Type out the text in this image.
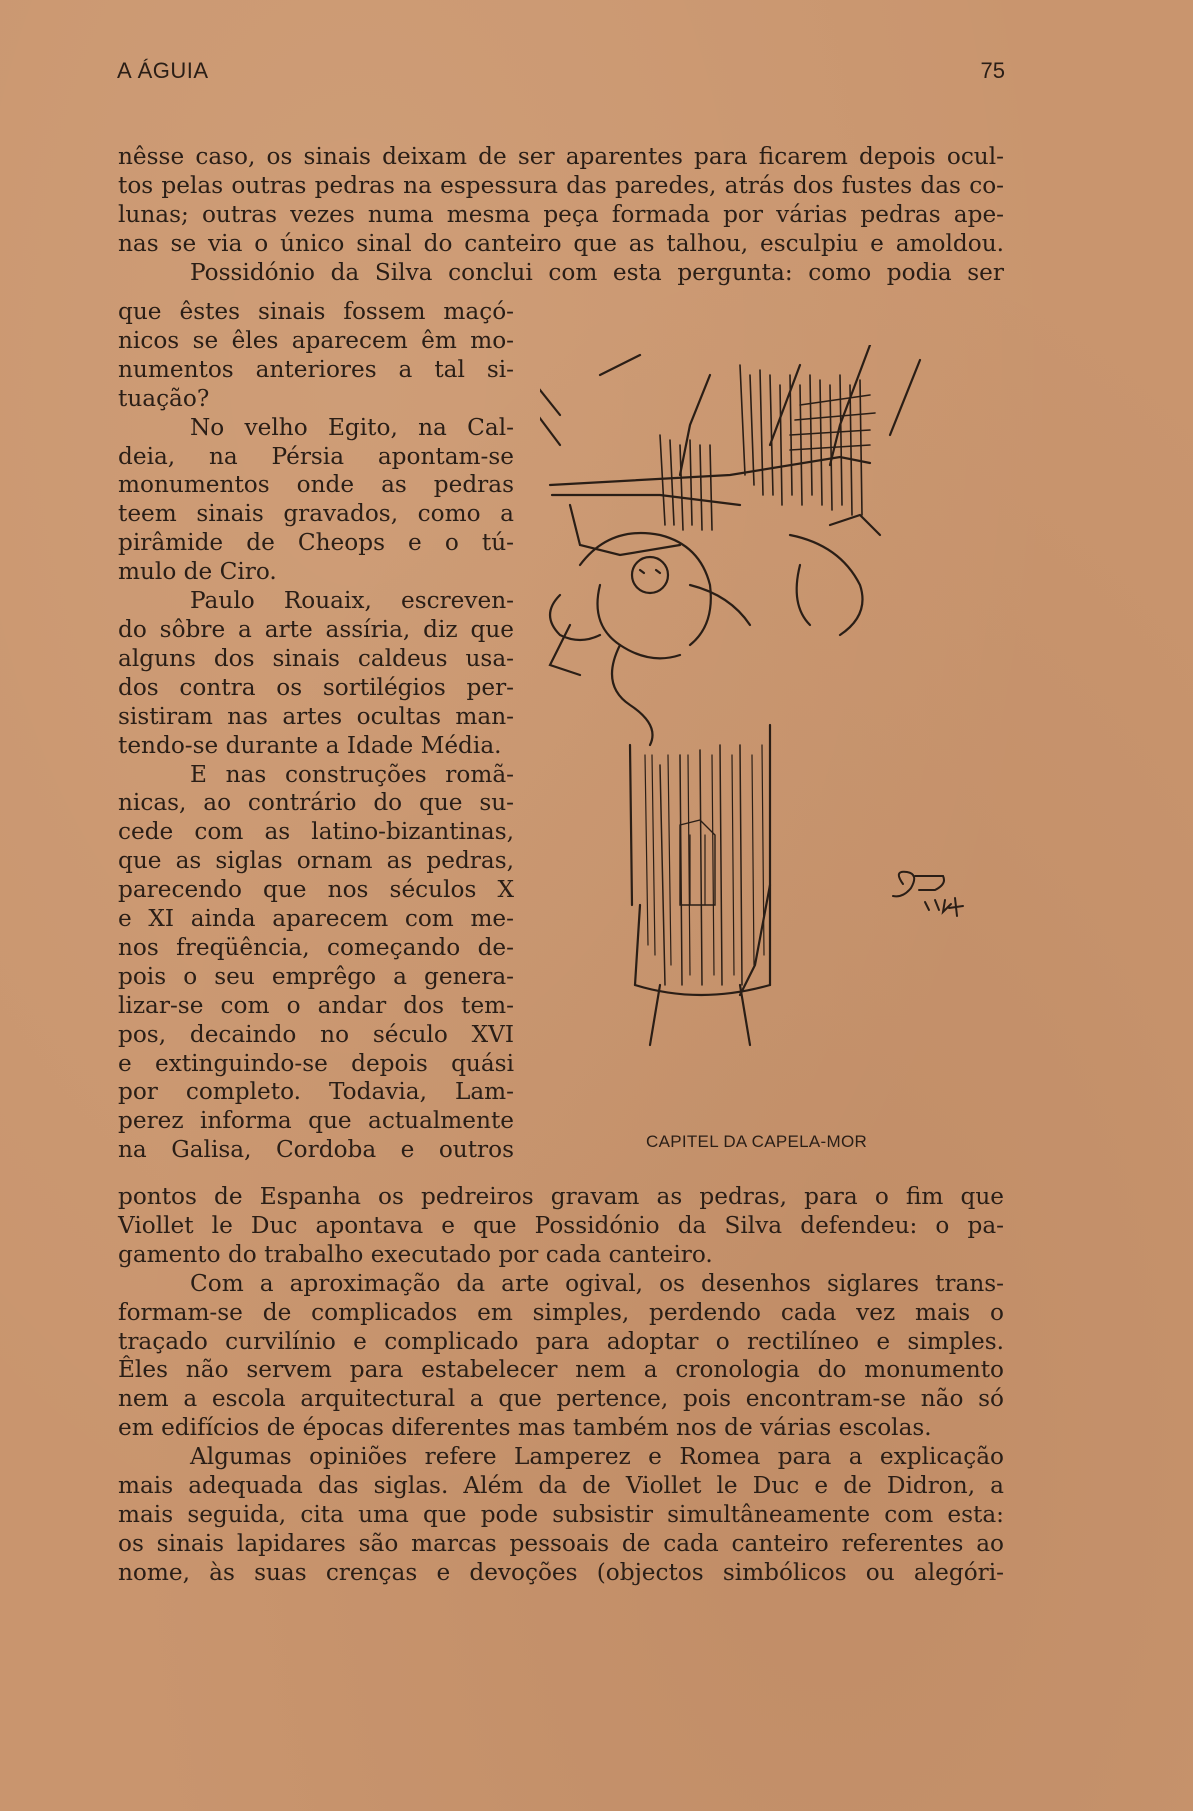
A ÁGUIA	75
nêsse caso, os sinais deixam de ser aparentes para ficarem depois ocul-
tos pelas outras pedras na espessura das paredes, atrás dos fustes das co-
lunas; outras vezes numa mesma peça formada por várias pedras ape-
nas se via o único sinal do canteiro que as talhou, esculpiu e amoldou.
Possidónio da Silva conclui com esta pergunta: como podia ser
que êstes sinais fossem maçó-
nicos se êles aparecem êm mo-
numentos anteriores a tal si-
tuação?
No velho Egito, na Cal-
deia, na Pérsia apontam-se
monumentos onde as pedras
teem sinais gravados, como a
pirâmide de Cheops e o tú-
mulo de Ciro.
Paulo Rouaix, escreven-
do sôbre a arte assíria, diz que
alguns dos sinais caldeus usa-
dos contra os sortilégios per-
sistiram nas artes ocultas man-
tendo-se durante a Idade Média.
E nas construções romã-
nicas, ao contrário do que su-
cede com as latino-bizantinas,
que as siglas ornam as pedras,
parecendo que nos séculos X
e XI ainda aparecem com me-
nos freqüência, começando de-
pois o seu emprêgo a genera-
lizar-se com o andar dos tem-
pos, decaindo no século XVI
e extinguindo-se depois quási
por completo. Todavia, Lam-
perez informa que actualmente
na Galisa, Cordoba e outros	CAPITEL DA CAPELA-MOR
pontos de Espanha os pedreiros gravam as pedras, para o fim que
Viollet le Duc apontava e que Possidónio da Silva defendeu: o pa-
gamento do trabalho executado por cada canteiro.
Com a aproximação da arte ogival, os desenhos siglares trans-
formam-se de complicados em simples, perdendo cada vez mais o
traçado curvilínio e complicado para adoptar o rectilíneo e simples.
Êles não servem para estabelecer nem a cronologia do monumento
nem a escola arquitectural a que pertence, pois encontram-se não só
em edifícios de épocas diferentes mas também nos de várias escolas.
Algumas opiniões refere Lamperez e Romea para a explicação
mais adequada das siglas. Além da de Viollet le Duc e de Didron, a
mais seguida, cita uma que pode subsistir simultâneamente com esta:
os sinais lapidares são marcas pessoais de cada canteiro referentes ao
nome, às suas crenças e devoções (objectos simbólicos ou alegóri-
